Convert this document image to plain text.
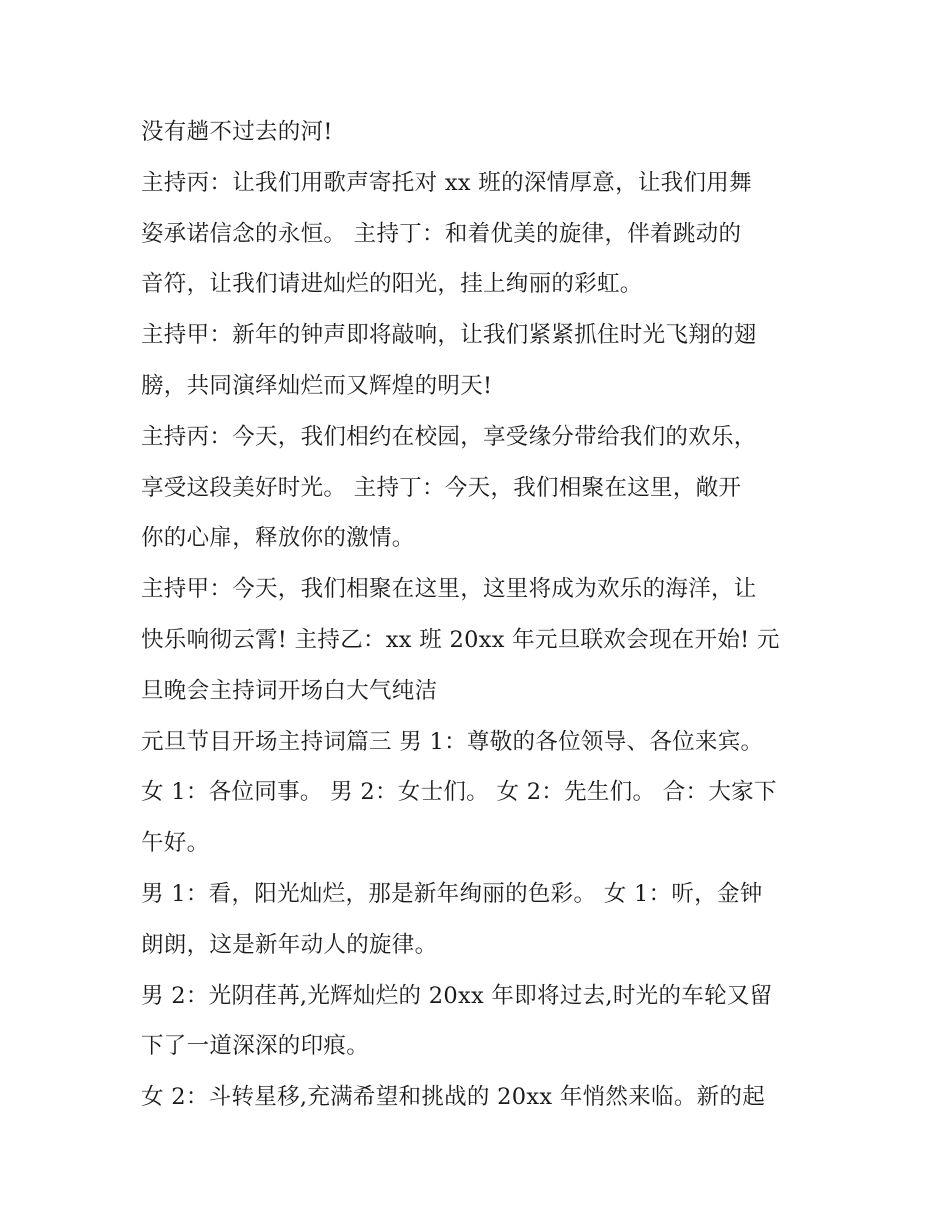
没有趟不过去的河!
主持丙：让我们用歌声寄托对 xx 班的深情厚意，让我们用舞
姿承诺信念的永恒。 主持丁：和着优美的旋律，伴着跳动的
音符，让我们请进灿烂的阳光，挂上绚丽的彩虹。
主持甲：新年的钟声即将敲响，让我们紧紧抓住时光飞翔的翅
膀，共同演绎灿烂而又辉煌的明天!
主持丙：今天，我们相约在校园，享受缘分带给我们的欢乐，
享受这段美好时光。 主持丁：今天，我们相聚在这里，敞开
你的心扉，释放你的激情。
主持甲：今天，我们相聚在这里，这里将成为欢乐的海洋，让
快乐响彻云霄! 主持乙：xx 班 20xx 年元旦联欢会现在开始! 元
旦晚会主持词开场白大气纯洁
元旦节目开场主持词篇三 男 1：尊敬的各位领导、各位来宾。
女 1：各位同事。 男 2：女士们。 女 2：先生们。 合：大家下
午好。
男 1：看，阳光灿烂，那是新年绚丽的色彩。 女 1：听，金钟
朗朗，这是新年动人的旋律。
男 2：光阴荏苒,光辉灿烂的 20xx 年即将过去,时光的车轮又留
下了一道深深的印痕。
女 2：斗转星移,充满希望和挑战的 20xx 年悄然来临。新的起
